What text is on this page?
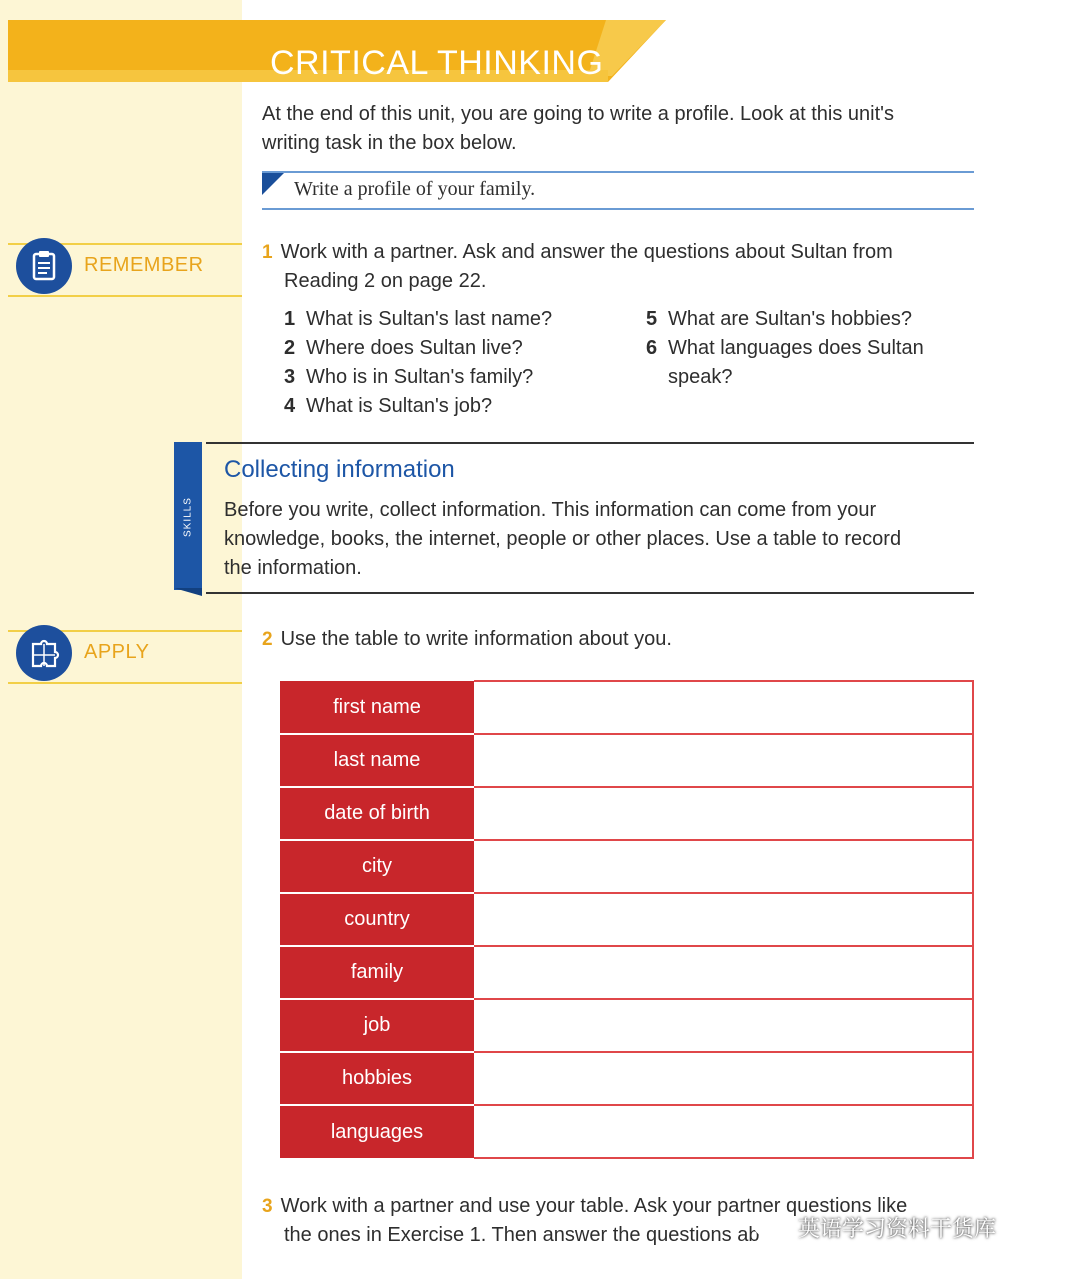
CRITICAL THINKING
At the end of this unit, you are going to write a profile. Look at this unit's
writing task in the box below.
Write a profile of your family.
REMEMBER
1 Work with a partner. Ask and answer the questions about Sultan from
Reading 2 on page 22.
1 What is Sultan's last name?
2 Where does Sultan live?
3 Who is in Sultan's family?
4 What is Sultan's job?
5 What are Sultan's hobbies?
6 What languages does Sultan
speak?
SKILLS
Collecting information
Before you write, collect information. This information can come from your
knowledge, books, the internet, people or other places. Use a table to record
the information.
APPLY
2 Use the table to write information about you.
first name	
last name	
date of birth	
city	
country	
family	
job	
hobbies	
languages	
3 Work with a partner and use your table. Ask your partner questions like
the ones in Exercise 1. Then answer the questions ab	英语学习资料干货库
